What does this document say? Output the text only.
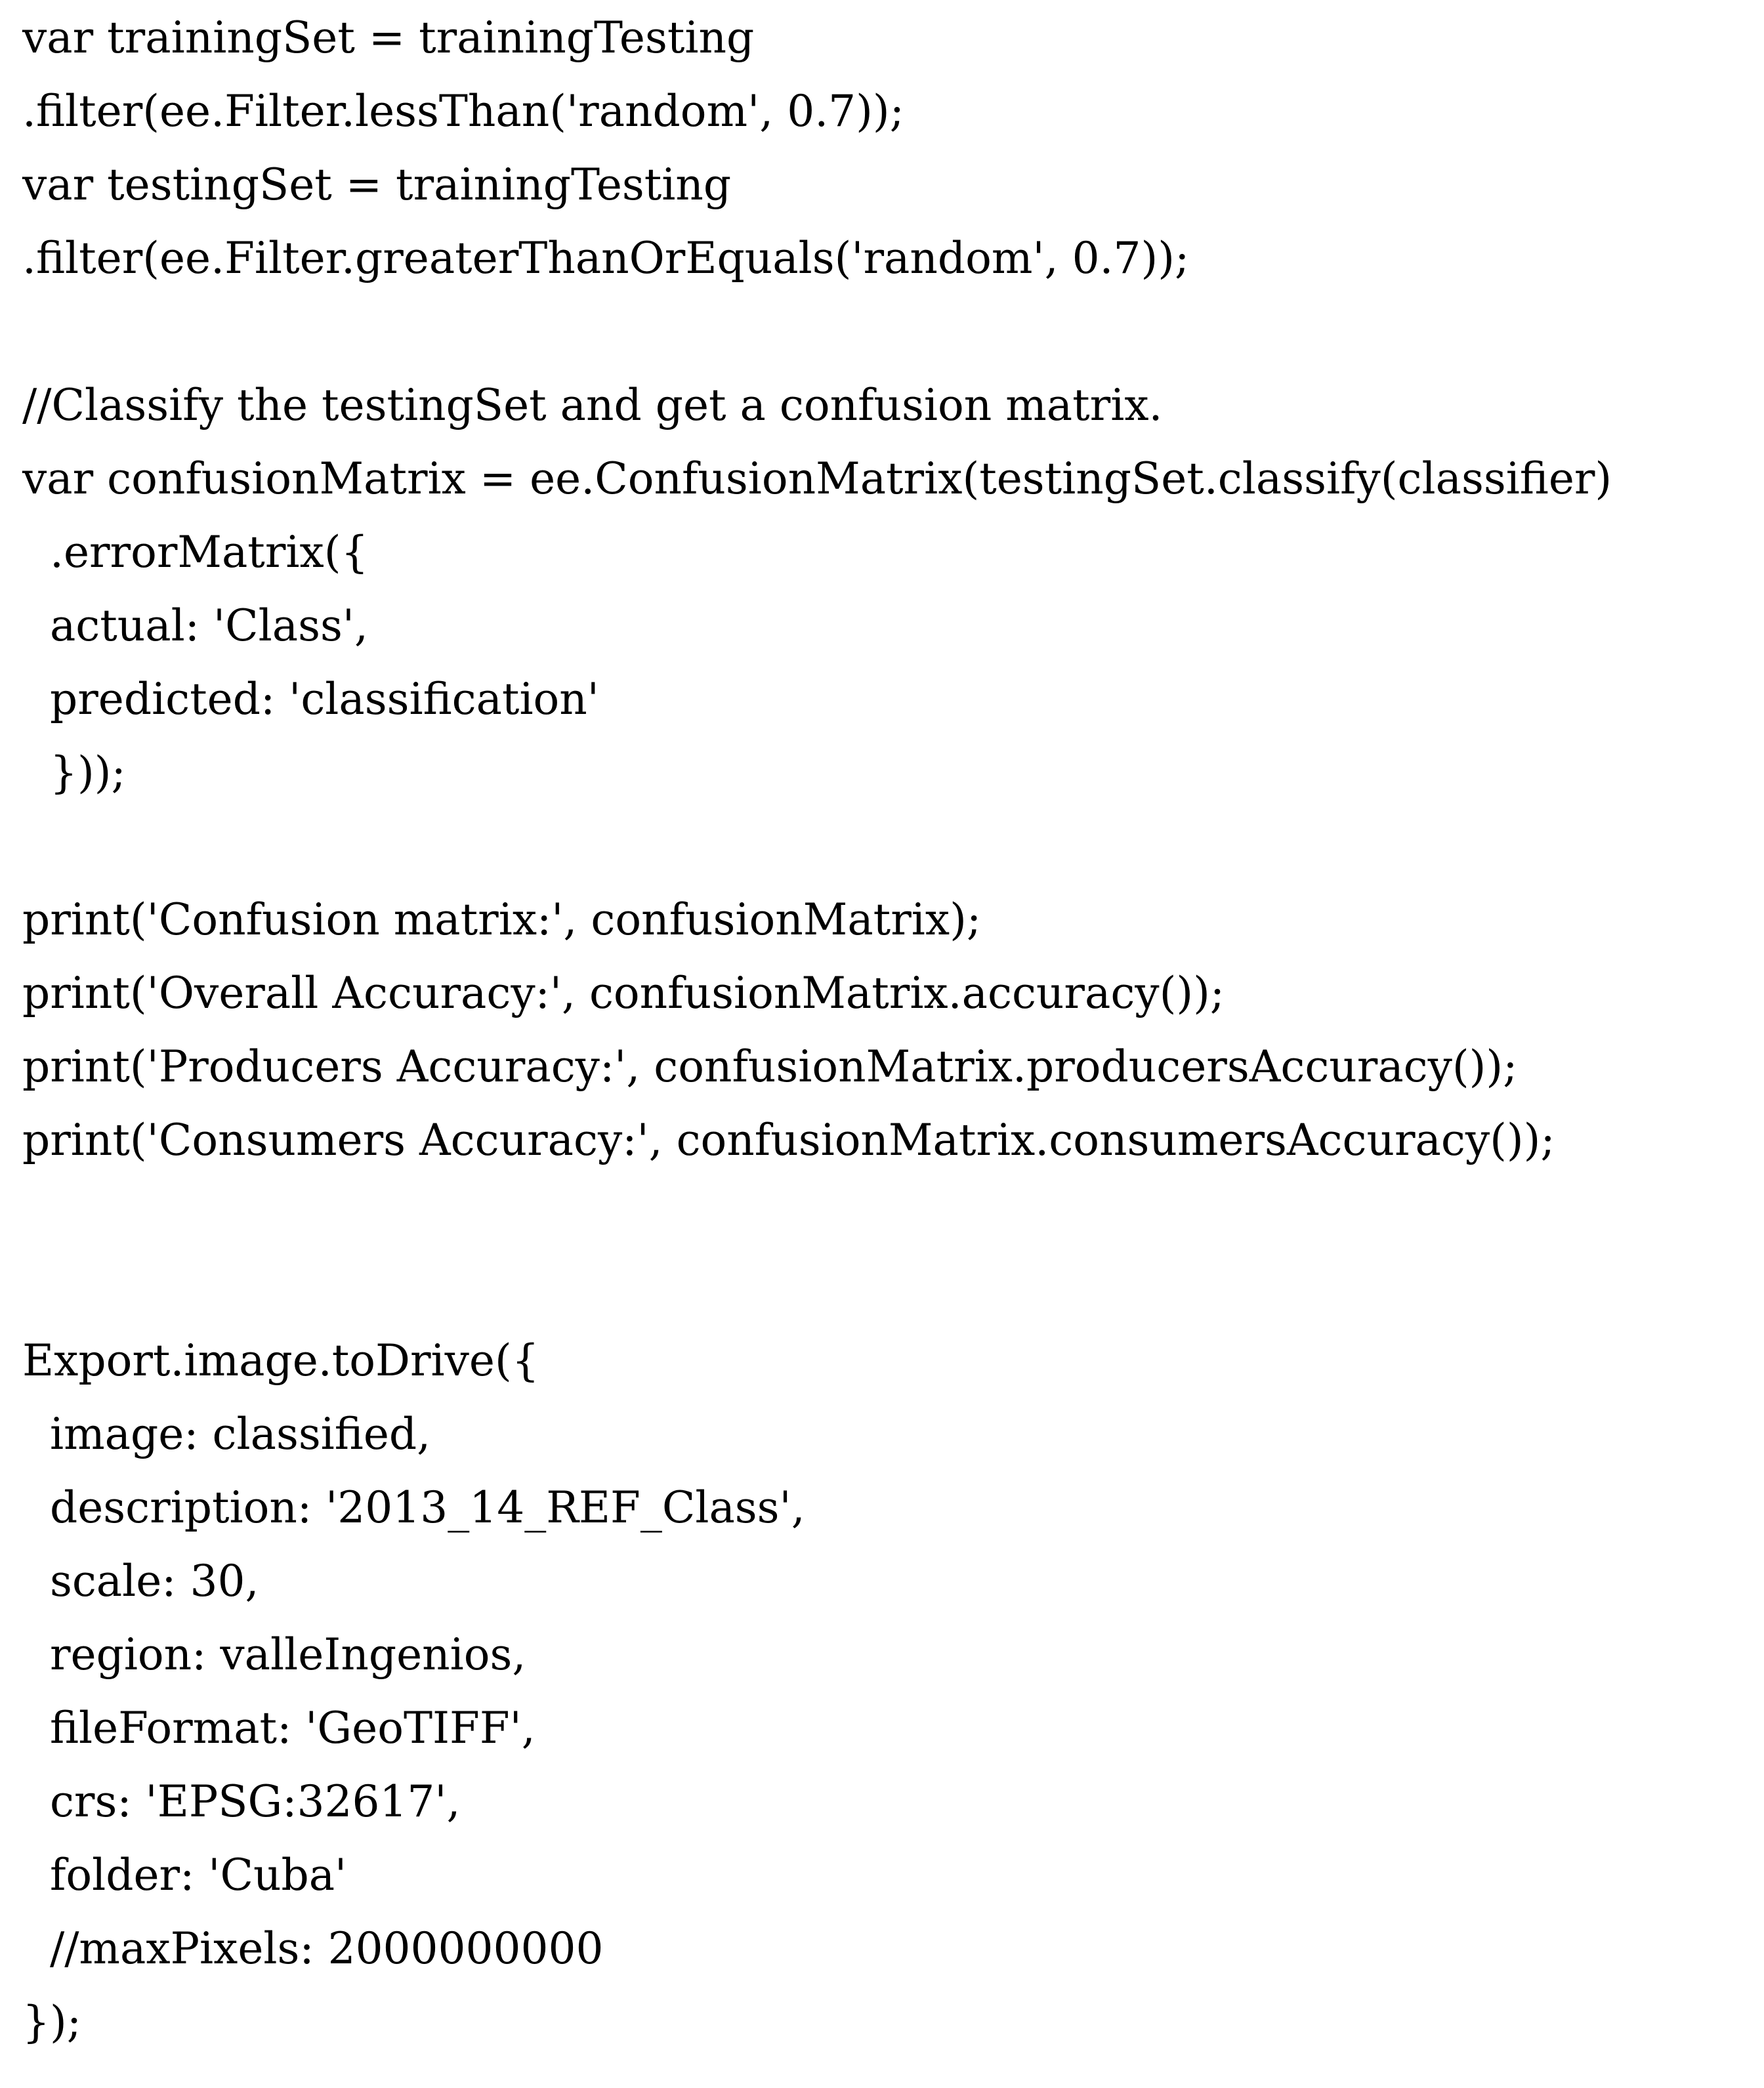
var trainingSet = trainingTesting
.filter(ee.Filter.lessThan('random', 0.7));
var testingSet = trainingTesting
.filter(ee.Filter.greaterThanOrEquals('random', 0.7));
//Classify the testingSet and get a confusion matrix.
var confusionMatrix = ee.ConfusionMatrix(testingSet.classify(classifier)
.errorMatrix({
actual: 'Class',
predicted: 'classification'
}));
print('Confusion matrix:', confusionMatrix);
print('Overall Accuracy:', confusionMatrix.accuracy());
print('Producers Accuracy:', confusionMatrix.producersAccuracy());
print('Consumers Accuracy:', confusionMatrix.consumersAccuracy());
Export.image.toDrive({
image: classified,
description: '2013_14_REF_Class',
scale: 30,
region: valleIngenios,
fileFormat: 'GeoTIFF',
crs: 'EPSG:32617',
folder: 'Cuba'
//maxPixels: 2000000000
});
